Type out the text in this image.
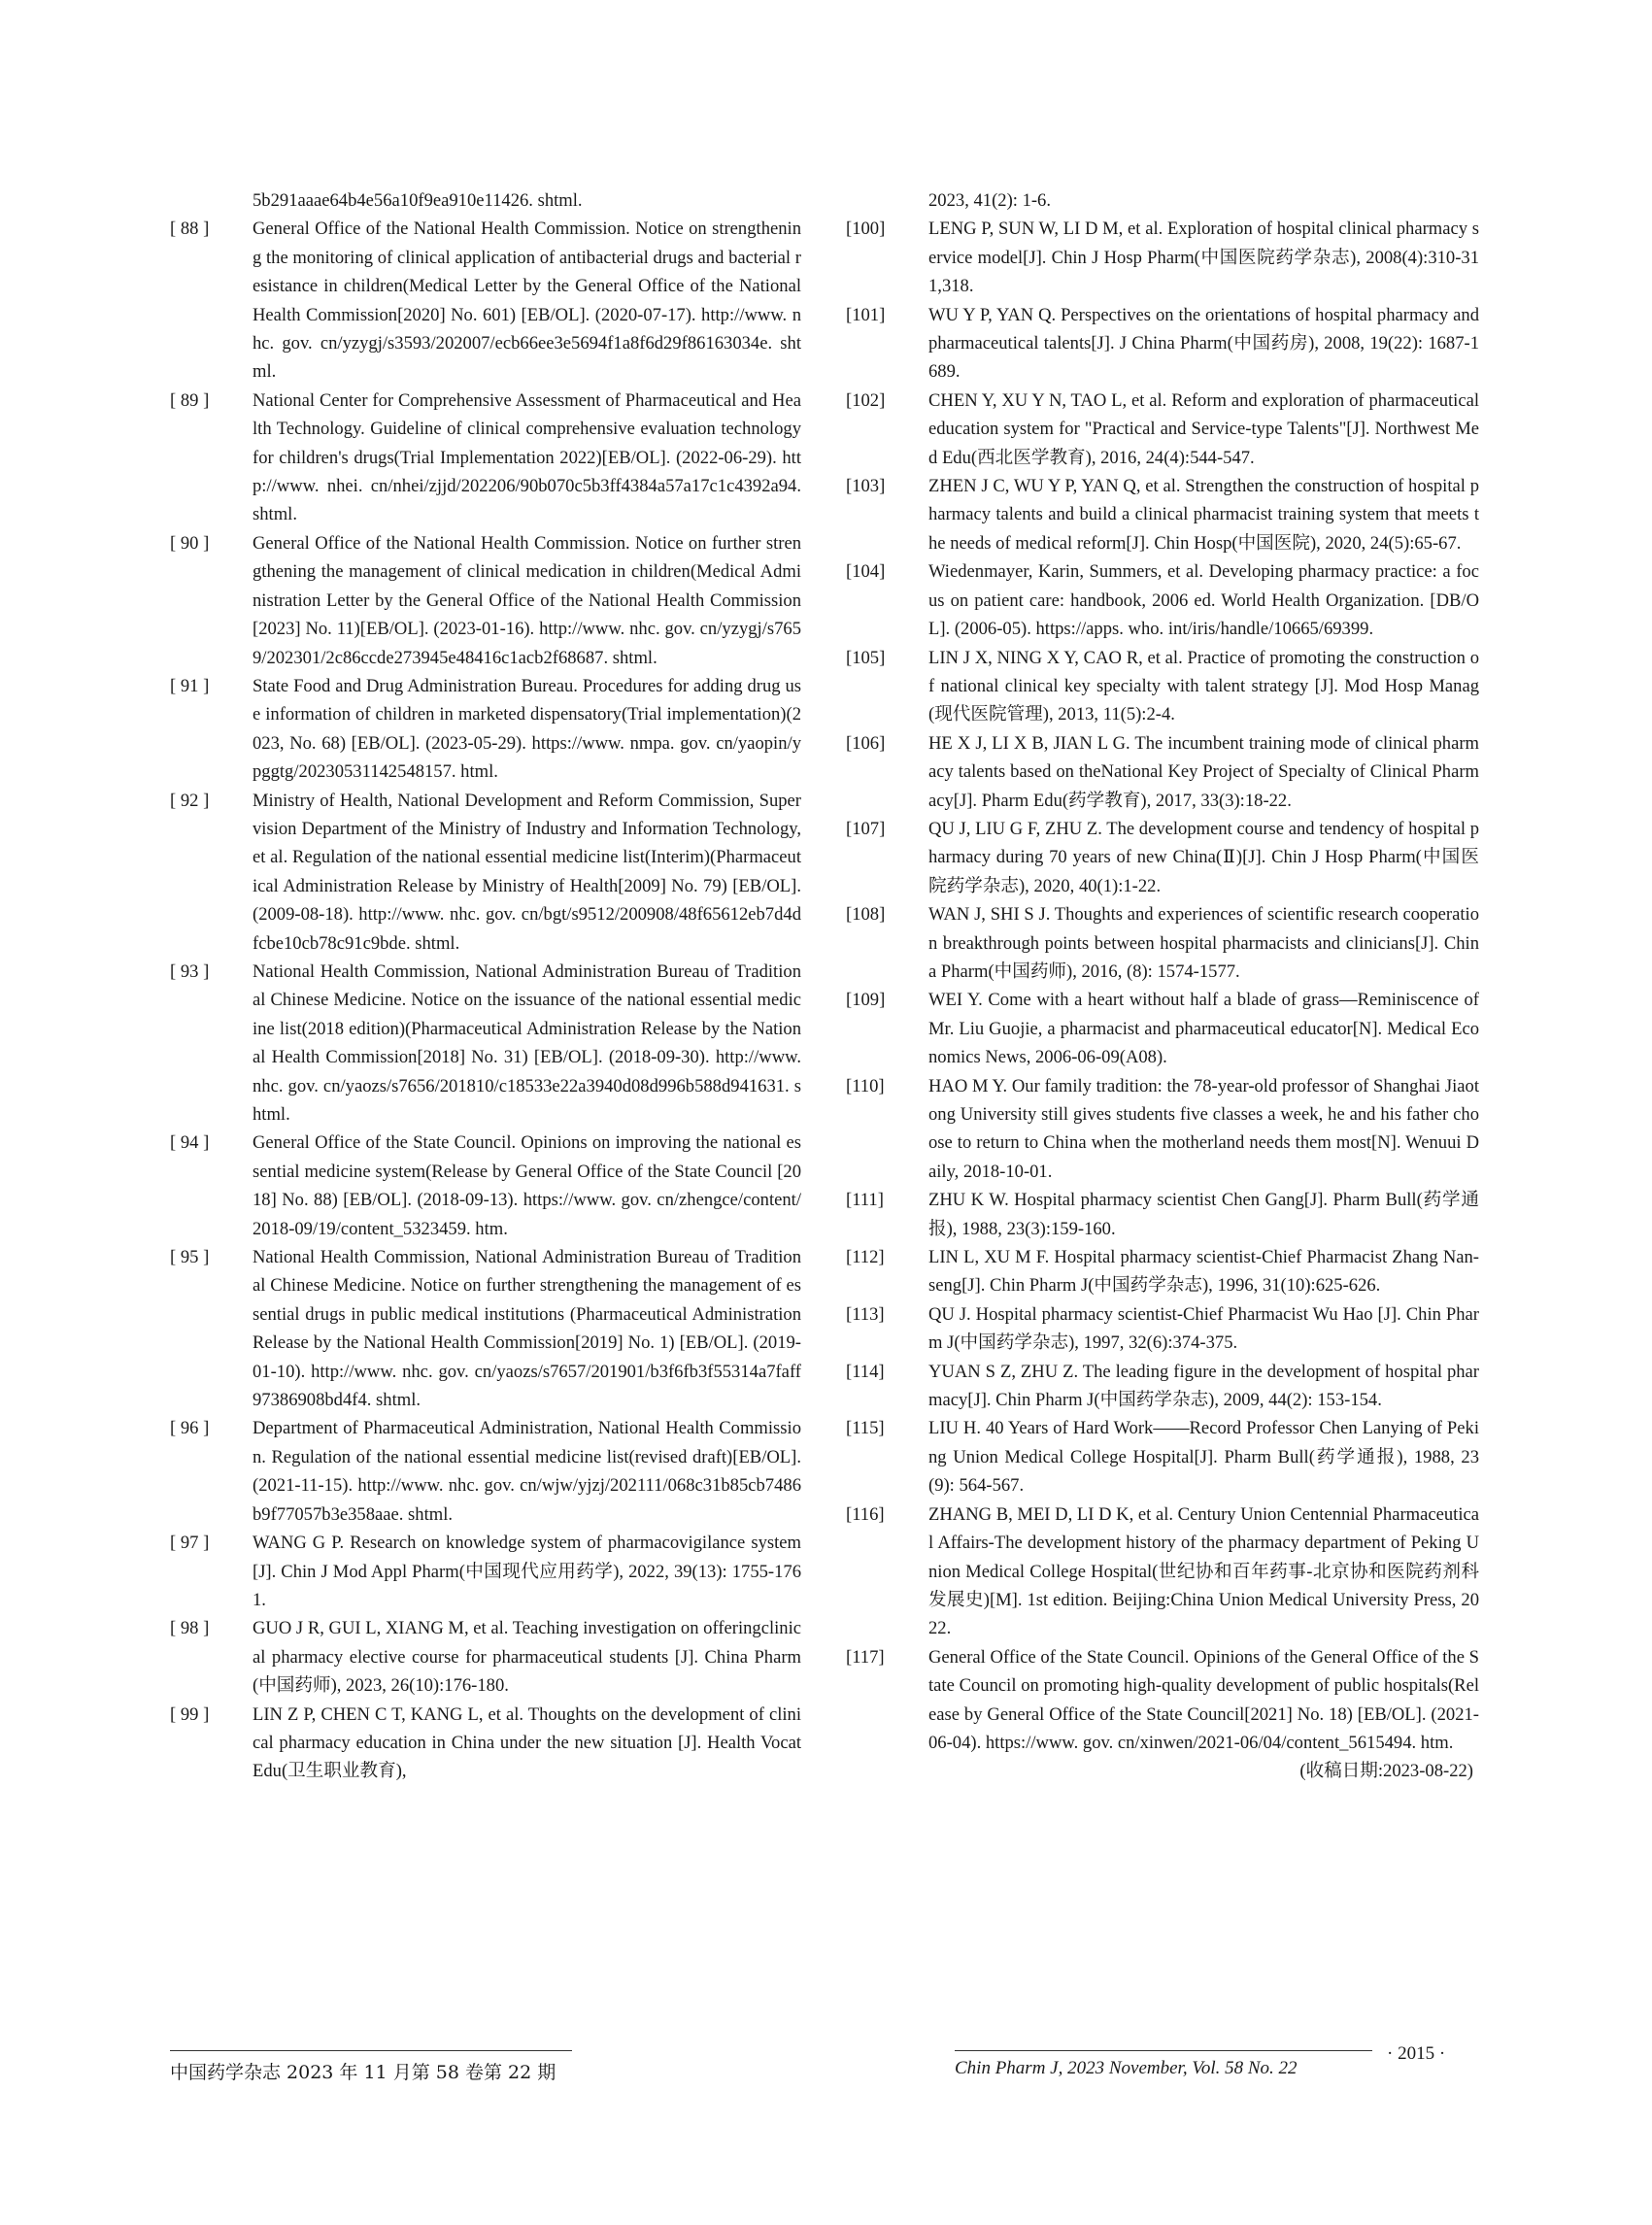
5b291aaae64b4e56a10f9ea910e11426. shtml.
[ 88 ]	General Office of the National Health Commission. Notice on strengthening the monitoring of clinical application of antibacterial drugs and bacterial resistance in children(Medical Letter by the General Office of the National Health Commission[2020] No. 601) [EB/OL]. (2020-07-17). http://www. nhc. gov. cn/yzygj/s3593/202007/ecb66ee3e5694f1a8f6d29f86163034e. shtml.
[ 89 ]	National Center for Comprehensive Assessment of Pharmaceutical and Health Technology. Guideline of clinical comprehensive evaluation technology for children's drugs(Trial Implementation 2022)[EB/OL]. (2022-06-29). http://www. nhei. cn/nhei/zjjd/202206/90b070c5b3ff4384a57a17c1c4392a94. shtml.
[ 90 ]	General Office of the National Health Commission. Notice on further strengthening the management of clinical medication in children(Medical Administration Letter by the General Office of the National Health Commission[2023] No. 11)[EB/OL]. (2023-01-16). http://www. nhc. gov. cn/yzygj/s7659/202301/2c86ccde273945e48416c1acb2f68687. shtml.
[ 91 ]	State Food and Drug Administration Bureau. Procedures for adding drug use information of children in marketed dispensatory(Trial implementation)(2023, No. 68) [EB/OL]. (2023-05-29). https://www. nmpa. gov. cn/yaopin/ypggtg/20230531142548157. html.
[ 92 ]	Ministry of Health, National Development and Reform Commission, Supervision Department of the Ministry of Industry and Information Technology, et al. Regulation of the national essential medicine list(Interim)(Pharmaceutical Administration Release by Ministry of Health[2009] No. 79) [EB/OL]. (2009-08-18). http://www. nhc. gov. cn/bgt/s9512/200908/48f65612eb7d4dfcbe10cb78c91c9bde. shtml.
[ 93 ]	National Health Commission, National Administration Bureau of Traditional Chinese Medicine. Notice on the issuance of the national essential medicine list(2018 edition)(Pharmaceutical Administration Release by the National Health Commission[2018] No. 31) [EB/OL]. (2018-09-30). http://www. nhc. gov. cn/yaozs/s7656/201810/c18533e22a3940d08d996b588d941631. shtml.
[ 94 ]	General Office of the State Council. Opinions on improving the national essential medicine system(Release by General Office of the State Council [2018] No. 88) [EB/OL]. (2018-09-13). https://www. gov. cn/zhengce/content/2018-09/19/content_5323459. htm.
[ 95 ]	National Health Commission, National Administration Bureau of Traditional Chinese Medicine. Notice on further strengthening the management of essential drugs in public medical institutions (Pharmaceutical Administration Release by the National Health Commission[2019] No. 1) [EB/OL]. (2019-01-10). http://www. nhc. gov. cn/yaozs/s7657/201901/b3f6fb3f55314a7faff97386908bd4f4. shtml.
[ 96 ]	Department of Pharmaceutical Administration, National Health Commission. Regulation of the national essential medicine list(revised draft)[EB/OL]. (2021-11-15). http://www. nhc. gov. cn/wjw/yjzj/202111/068c31b85cb7486b9f77057b3e358aae. shtml.
[ 97 ]	WANG G P. Research on knowledge system of pharmacovigilance system[J]. Chin J Mod Appl Pharm(中国现代应用药学), 2022, 39(13): 1755-1761.
[ 98 ]	GUO J R, GUI L, XIANG M, et al. Teaching investigation on offeringclinical pharmacy elective course for pharmaceutical students [J]. China Pharm(中国药师), 2023, 26(10):176-180.
[ 99 ]	LIN Z P, CHEN C T, KANG L, et al. Thoughts on the development of clinical pharmacy education in China under the new situation [J]. Health Vocat Edu(卫生职业教育),
2023, 41(2): 1-6.
[100]	LENG P, SUN W, LI D M, et al. Exploration of hospital clinical pharmacy service model[J]. Chin J Hosp Pharm(中国医院药学杂志), 2008(4):310-311,318.
[101]	WU Y P, YAN Q. Perspectives on the orientations of hospital pharmacy and pharmaceutical talents[J]. J China Pharm(中国药房), 2008, 19(22): 1687-1689.
[102]	CHEN Y, XU Y N, TAO L, et al. Reform and exploration of pharmaceutical education system for "Practical and Service-type Talents"[J]. Northwest Med Edu(西北医学教育), 2016, 24(4):544-547.
[103]	ZHEN J C, WU Y P, YAN Q, et al. Strengthen the construction of hospital pharmacy talents and build a clinical pharmacist training system that meets the needs of medical reform[J]. Chin Hosp(中国医院), 2020, 24(5):65-67.
[104]	Wiedenmayer, Karin, Summers, et al. Developing pharmacy practice: a focus on patient care: handbook, 2006 ed. World Health Organization. [DB/OL]. (2006-05). https://apps. who. int/iris/handle/10665/69399.
[105]	LIN J X, NING X Y, CAO R, et al. Practice of promoting the construction of national clinical key specialty with talent strategy [J]. Mod Hosp Manag(现代医院管理), 2013, 11(5):2-4.
[106]	HE X J, LI X B, JIAN L G. The incumbent training mode of clinical pharmacy talents based on theNational Key Project of Specialty of Clinical Pharmacy[J]. Pharm Edu(药学教育), 2017, 33(3):18-22.
[107]	QU J, LIU G F, ZHU Z. The development course and tendency of hospital pharmacy during 70 years of new China(Ⅱ)[J]. Chin J Hosp Pharm(中国医院药学杂志), 2020, 40(1):1-22.
[108]	WAN J, SHI S J. Thoughts and experiences of scientific research cooperation breakthrough points between hospital pharmacists and clinicians[J]. China Pharm(中国药师), 2016, (8): 1574-1577.
[109]	WEI Y. Come with a heart without half a blade of grass—Reminiscence of Mr. Liu Guojie, a pharmacist and pharmaceutical educator[N]. Medical Economics News, 2006-06-09(A08).
[110]	HAO M Y. Our family tradition: the 78-year-old professor of Shanghai Jiaotong University still gives students five classes a week, he and his father choose to return to China when the motherland needs them most[N]. Wenuui Daily, 2018-10-01.
[111]	ZHU K W. Hospital pharmacy scientist Chen Gang[J]. Pharm Bull(药学通报), 1988, 23(3):159-160.
[112]	LIN L, XU M F. Hospital pharmacy scientist-Chief Pharmacist Zhang Nan-seng[J]. Chin Pharm J(中国药学杂志), 1996, 31(10):625-626.
[113]	QU J. Hospital pharmacy scientist-Chief Pharmacist Wu Hao [J]. Chin Pharm J(中国药学杂志), 1997, 32(6):374-375.
[114]	YUAN S Z, ZHU Z. The leading figure in the development of hospital pharmacy[J]. Chin Pharm J(中国药学杂志), 2009, 44(2): 153-154.
[115]	LIU H. 40 Years of Hard Work——Record Professor Chen Lanying of Peking Union Medical College Hospital[J]. Pharm Bull(药学通报), 1988, 23(9): 564-567.
[116]	ZHANG B, MEI D, LI D K, et al. Century Union Centennial Pharmaceutical Affairs-The development history of the pharmacy department of Peking Union Medical College Hospital(世纪协和百年药事-北京协和医院药剂科发展史)[M]. 1st edition. Beijing:China Union Medical University Press, 2022.
[117]	General Office of the State Council. Opinions of the General Office of the State Council on promoting high-quality development of public hospitals(Release by General Office of the State Council[2021] No. 18) [EB/OL]. (2021-06-04). https://www. gov. cn/xinwen/2021-06/04/content_5615494. htm.
(收稿日期:2023-08-22)
中国药学杂志 2023 年 11 月第 58 卷第 22 期	Chin Pharm J, 2023 November, Vol. 58 No. 22
· 2015 ·
